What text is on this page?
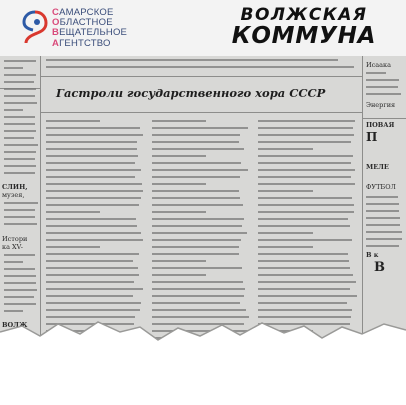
САМАРСКОЕ
ОБЛАСТНОЕ
ВЕЩАТЕЛЬНОЕ
АГЕНТСТВО
ВОЛЖСКАЯ
КОММУНА
Гастроли государственного хора СССР

СЛИН,

музея,

Истори

ка XV-

ВОЛЖ

Исаака

Энергия

ПОВАЯ

П

МЕЛЕ

ФУТБОЛ

В

В к
